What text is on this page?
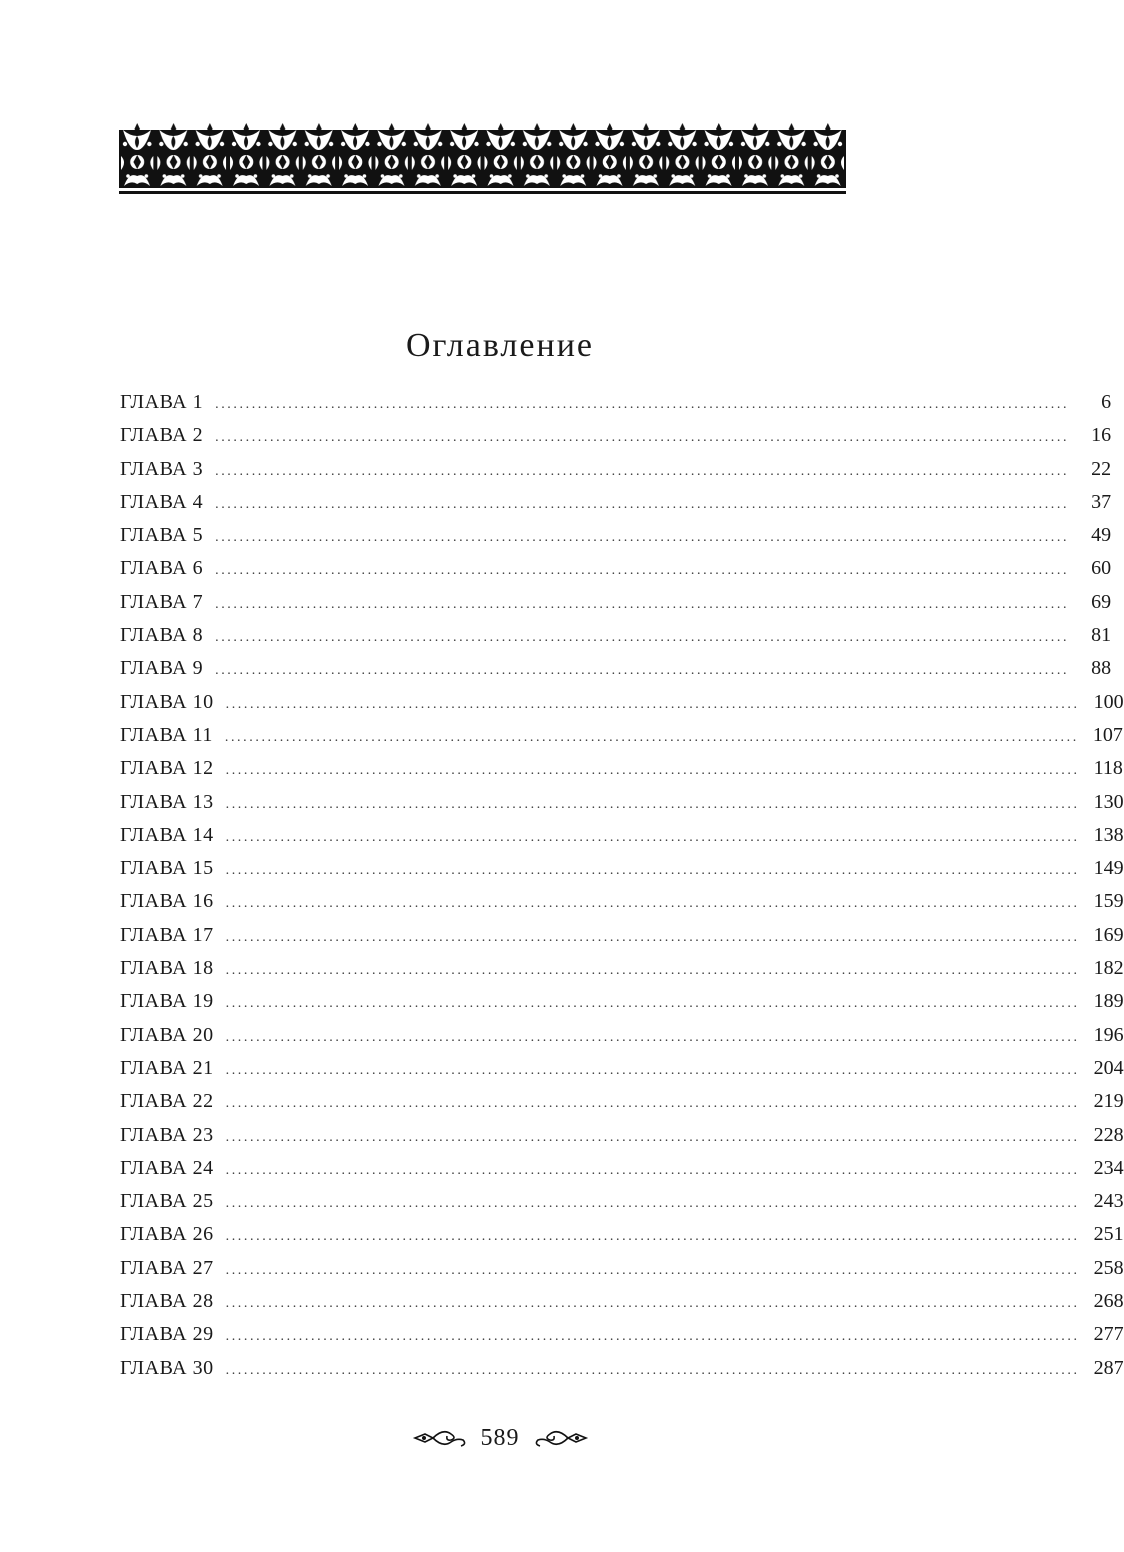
Оглавление
ГЛАВА 1 ............................................................................................................................................	6
ГЛАВА 2 ............................................................................................................................................	16
ГЛАВА 3 ............................................................................................................................................	22
ГЛАВА 4 ............................................................................................................................................	37
ГЛАВА 5 ............................................................................................................................................	49
ГЛАВА 6 ............................................................................................................................................	60
ГЛАВА 7 ............................................................................................................................................	69
ГЛАВА 8 ............................................................................................................................................	81
ГЛАВА 9 ............................................................................................................................................	88
ГЛАВА 10 ............................................................................................................................................ 100
ГЛАВА 11 ............................................................................................................................................ 107
ГЛАВА 12 ............................................................................................................................................ 118
ГЛАВА 13 ............................................................................................................................................ 130
ГЛАВА 14 ............................................................................................................................................ 138
ГЛАВА 15 ............................................................................................................................................ 149
ГЛАВА 16 ............................................................................................................................................ 159
ГЛАВА 17 ............................................................................................................................................ 169
ГЛАВА 18 ............................................................................................................................................ 182
ГЛАВА 19 ............................................................................................................................................ 189
ГЛАВА 20 ............................................................................................................................................ 196
ГЛАВА 21 ............................................................................................................................................ 204
ГЛАВА 22 ............................................................................................................................................ 219
ГЛАВА 23 ............................................................................................................................................ 228
ГЛАВА 24 ............................................................................................................................................ 234
ГЛАВА 25 ............................................................................................................................................ 243
ГЛАВА 26 ............................................................................................................................................ 251
ГЛАВА 27 ............................................................................................................................................ 258
ГЛАВА 28 ............................................................................................................................................ 268
ГЛАВА 29 ............................................................................................................................................ 277
ГЛАВА 30 ............................................................................................................................................ 287
589
